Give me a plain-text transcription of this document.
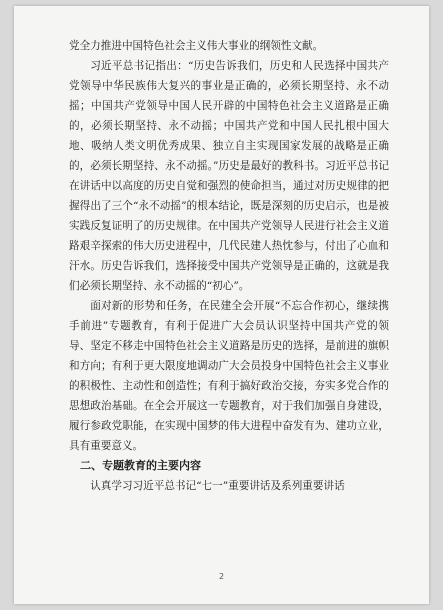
党全力推进中国特色社会主义伟大事业的纲领性文献。

习近平总书记指出：“历史告诉我们，历史和人民选择中国共产党领导中华民族伟大复兴的事业是正确的，必须长期坚持、永不动摇；中国共产党领导中国人民开辟的中国特色社会主义道路是正确的，必须长期坚持、永不动摇；中国共产党和中国人民扎根中国大地、吸纳人类文明优秀成果、独立自主实现国家发展的战略是正确的，必须长期坚持、永不动摇。”历史是最好的教科书。习近平总书记在讲话中以高度的历史自觉和强烈的使命担当，通过对历史规律的把握得出了三个“永不动摇”的根本结论，既是深刻的历史启示，也是被实践反复证明了的历史规律。在中国共产党领导人民进行社会主义道路艰辛探索的伟大历史进程中，几代民建人热忱参与，付出了心血和汗水。历史告诉我们，选择接受中国共产党领导是正确的，这就是我们必须长期坚持、永不动摇的“初心”。

面对新的形势和任务，在民建全会开展“不忘合作初心，继续携手前进”专题教育，有利于促进广大会员认识坚持中国共产党的领导、坚定不移走中国特色社会主义道路是历史的选择，是前进的旗帜和方向；有利于更大限度地调动广大会员投身中国特色社会主义事业的积极性、主动性和创造性；有利于搞好政治交接，夯实多党合作的思想政治基础。在全会开展这一专题教育，对于我们加强自身建设，履行参政党职能，在实现中国梦的伟大进程中奋发有为、建功立业，具有重要意义。

二、专题教育的主要内容

认真学习习近平总书记“七一”重要讲话及系列重要讲话

2
